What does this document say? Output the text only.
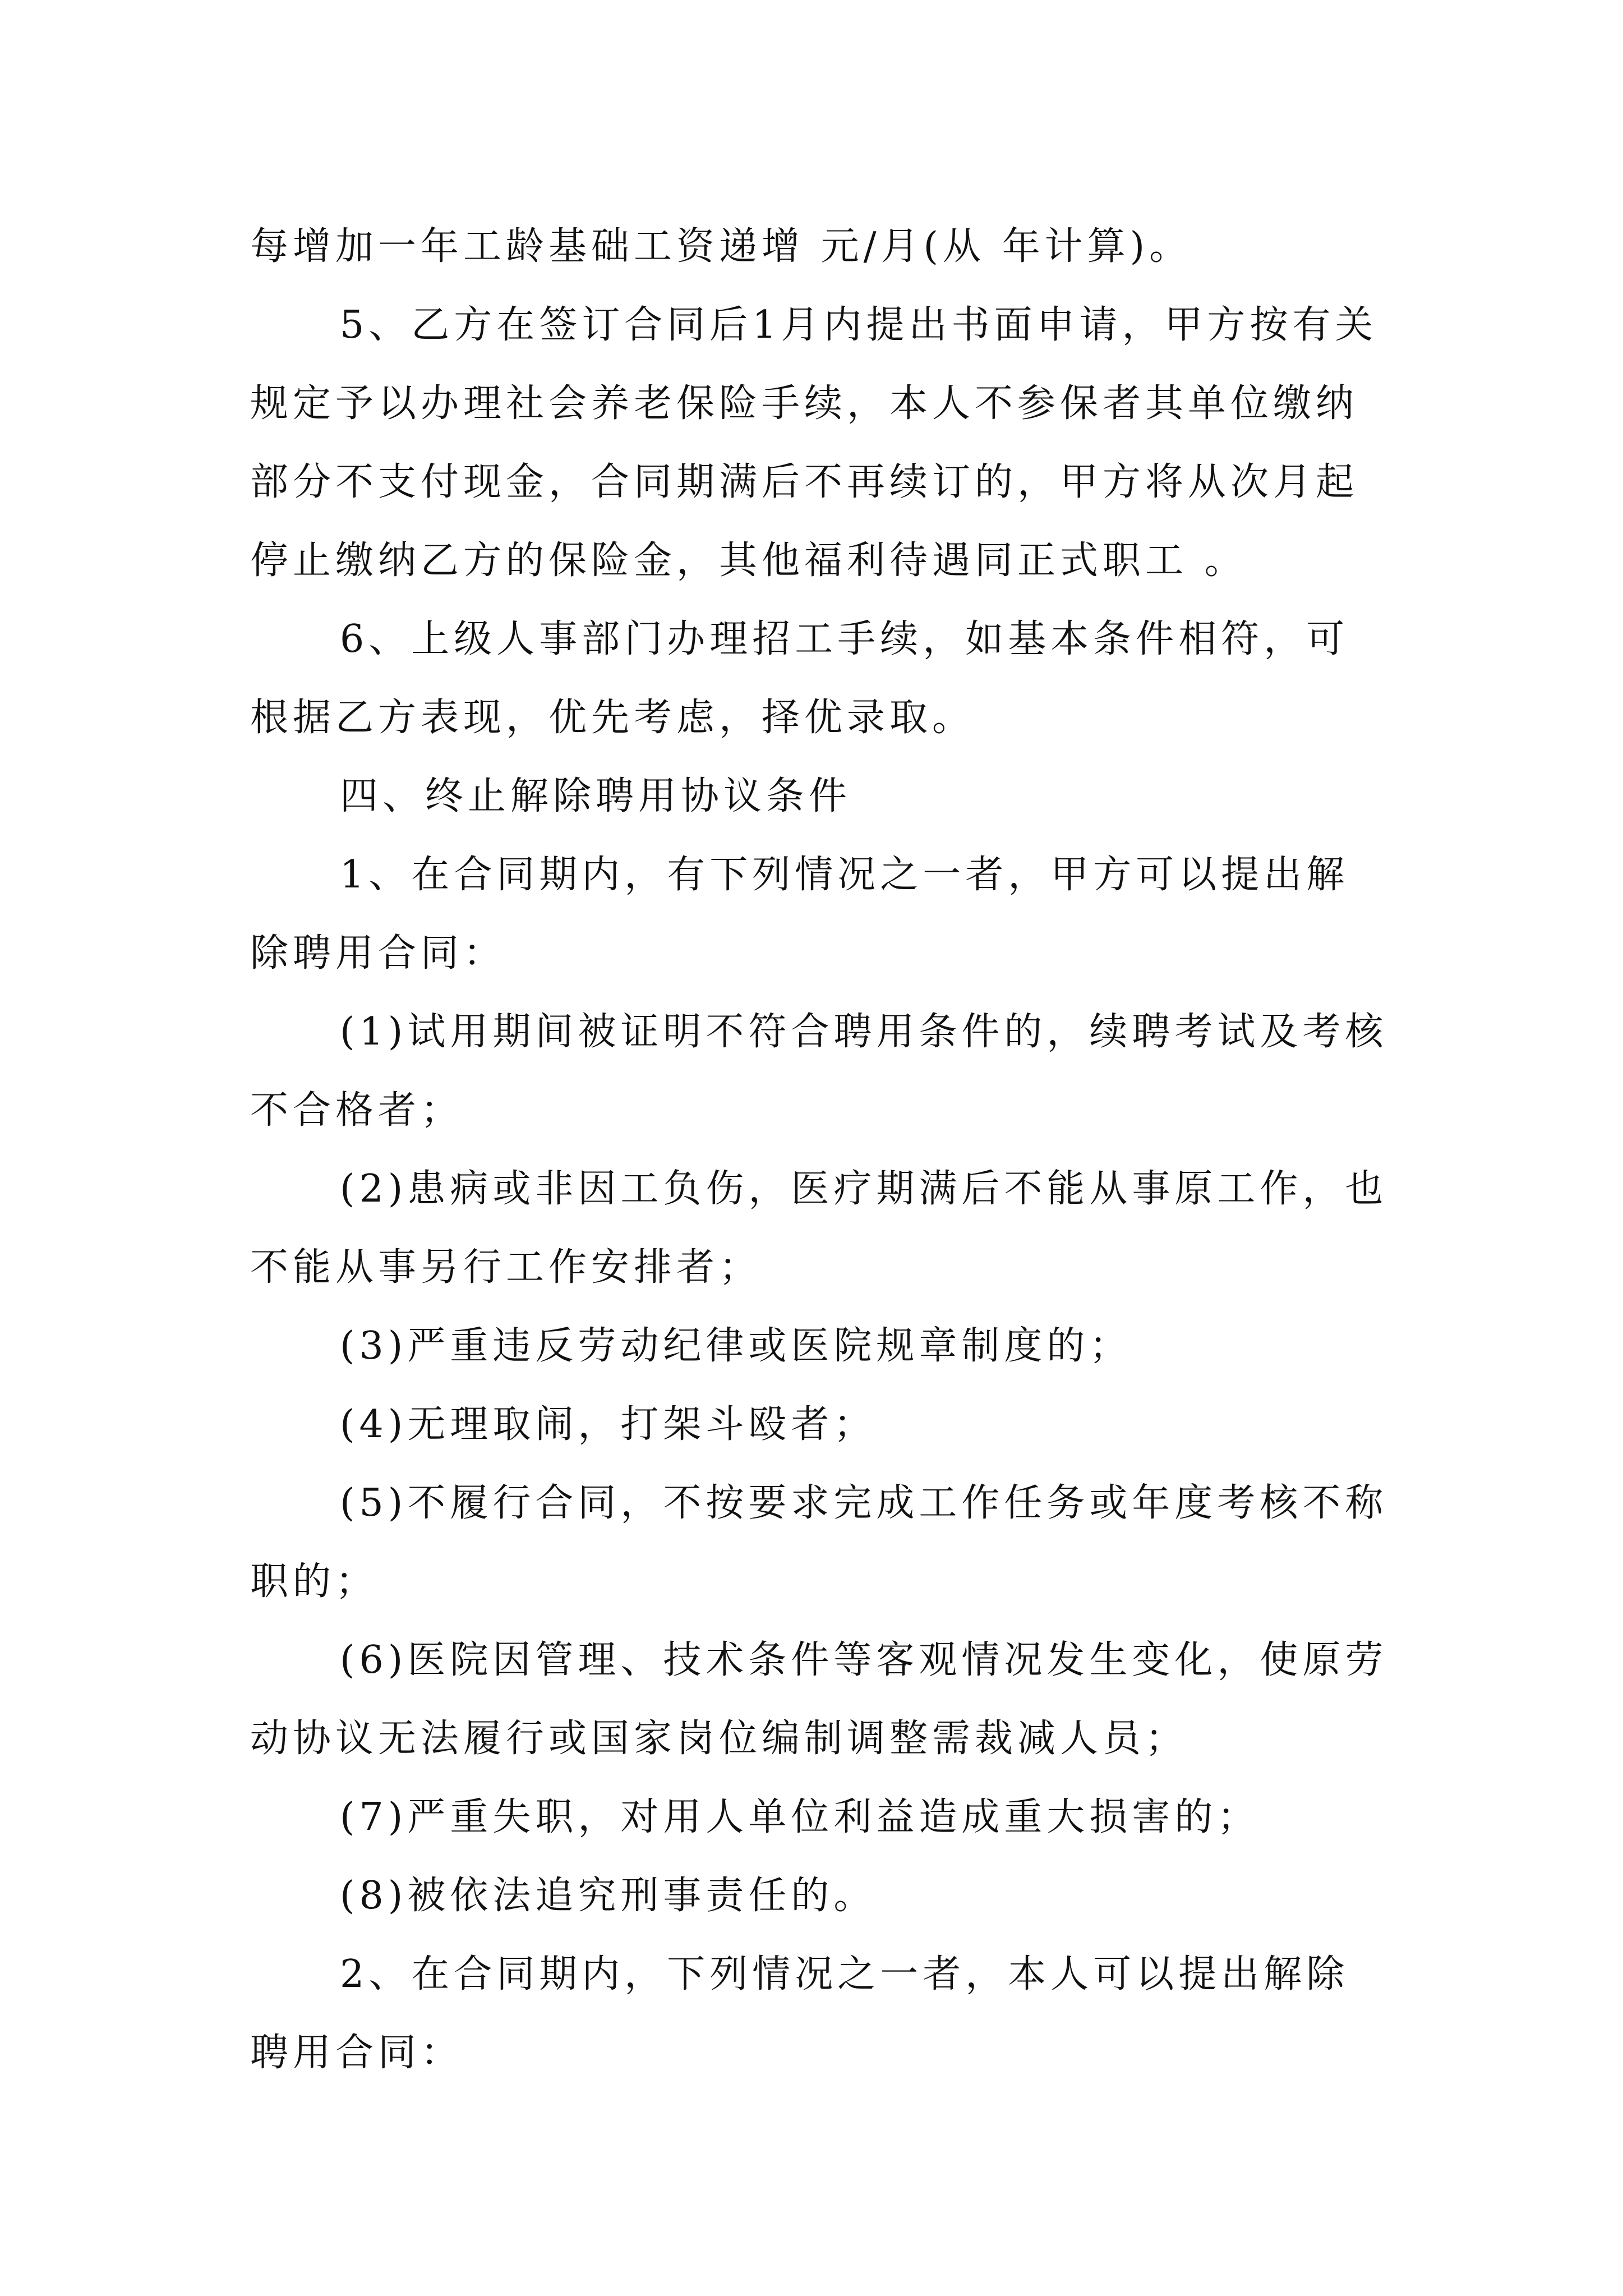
每增加一年工龄基础工资递增 元/月(从 年计算)。

5、乙方在签订合同后1月内提出书面申请，甲方按有关规定予以办理社会养老保险手续，本人不参保者其单位缴纳部分不支付现金，合同期满后不再续订的，甲方将从次月起停止缴纳乙方的保险金，其他福利待遇同正式职工 。

6、上级人事部门办理招工手续，如基本条件相符，可根据乙方表现，优先考虑，择优录取。

四、终止解除聘用协议条件

1、在合同期内，有下列情况之一者，甲方可以提出解除聘用合同：

(1)试用期间被证明不符合聘用条件的，续聘考试及考核不合格者；

(2)患病或非因工负伤，医疗期满后不能从事原工作，也不能从事另行工作安排者；

(3)严重违反劳动纪律或医院规章制度的；

(4)无理取闹，打架斗殴者；

(5)不履行合同，不按要求完成工作任务或年度考核不称职的；

(6)医院因管理、技术条件等客观情况发生变化，使原劳动协议无法履行或国家岗位编制调整需裁减人员；

(7)严重失职，对用人单位利益造成重大损害的；

(8)被依法追究刑事责任的。

2、在合同期内，下列情况之一者，本人可以提出解除聘用合同：
